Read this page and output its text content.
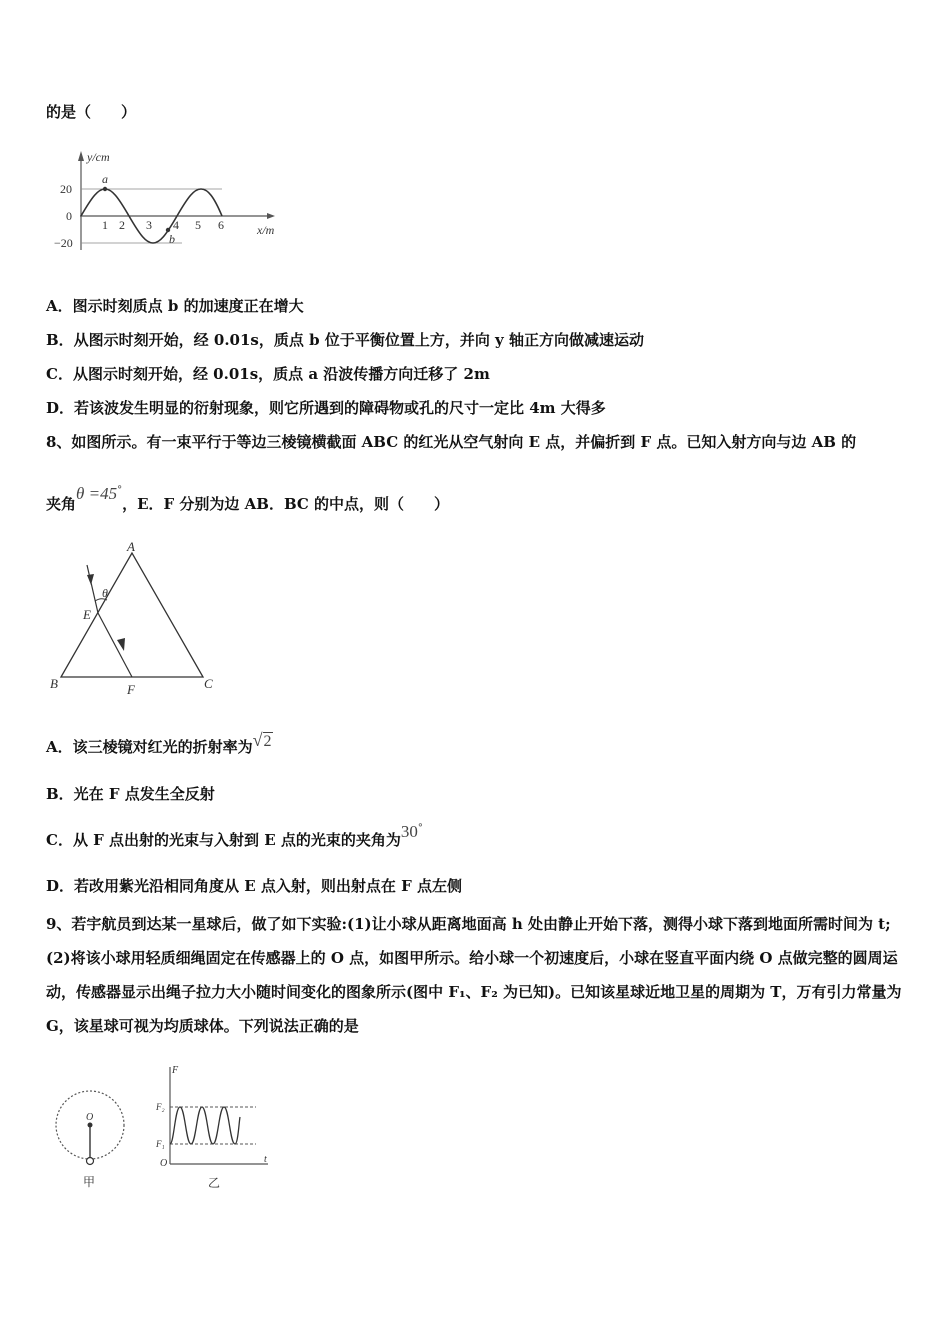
的是（　　）
y/cm
x/m
20
0
−20
1 2 3 4 5 6
a
b
A．图示时刻质点 b 的加速度正在增大
B．从图示时刻开始，经 0.01s，质点 b 位于平衡位置上方，并向 y 轴正方向做减速运动
C．从图示时刻开始，经 0.01s，质点 a 沿波传播方向迁移了 2m
D．若该波发生明显的衍射现象，则它所遇到的障碍物或孔的尺寸一定比 4m 大得多
8、如图所示。有一束平行于等边三棱镜横截面 ABC 的红光从空气射向 E 点，并偏折到 F 点。已知入射方向与边 AB 的
夹角θ =45°，E．F 分别为边 AB．BC 的中点，则（　　）
A
B	C
E
F
θ
A．该三棱镜对红光的折射率为√2
B．光在 F 点发生全反射
C．从 F 点出射的光束与入射到 E 点的光束的夹角为30°
D．若改用紫光沿相同角度从 E 点入射，则出射点在 F 点左侧
9、若宇航员到达某一星球后，做了如下实验:(1)让小球从距离地面高 h 处由静止开始下落，测得小球下落到地面所需时间为 t;(2)将该小球用轻质细绳固定在传感器上的 O 点，如图甲所示。给小球一个初速度后，小球在竖直平面内绕 O 点做完整的圆周运动，传感器显示出绳子拉力大小随时间变化的图象所示(图中 F₁、F₂ 为已知)。已知该星球近地卫星的周期为 T，万有引力常量为 G，该星球可视为均质球体。下列说法正确的是
O
甲
F
t
F₂
F₁
O
乙
